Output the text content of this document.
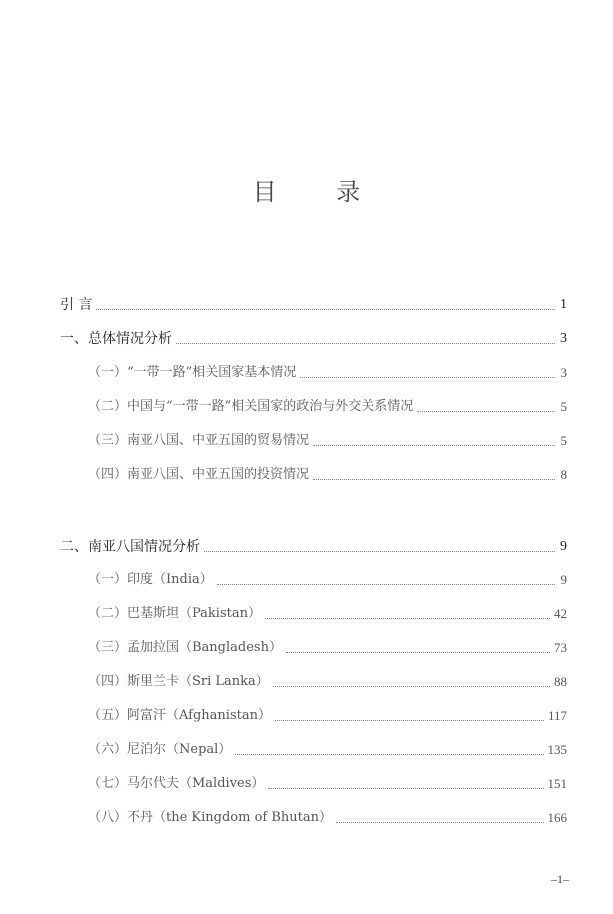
目 录
引 言	1
一、总体情况分析	3
（一）“一带一路”相关国家基本情况	3
（二）中国与“一带一路”相关国家的政治与外交关系情况	5
（三）南亚八国、中亚五国的贸易情况	5
（四）南亚八国、中亚五国的投资情况	8
二、南亚八国情况分析	9
（一）印度（India）	9
（二）巴基斯坦（Pakistan）	42
（三）孟加拉国（Bangladesh）	73
（四）斯里兰卡（Sri Lanka）	88
（五）阿富汗（Afghanistan）	117
（六）尼泊尔（Nepal）	135
（七）马尔代夫（Maldives）	151
（八）不丹（the Kingdom of Bhutan）	166
–1–
